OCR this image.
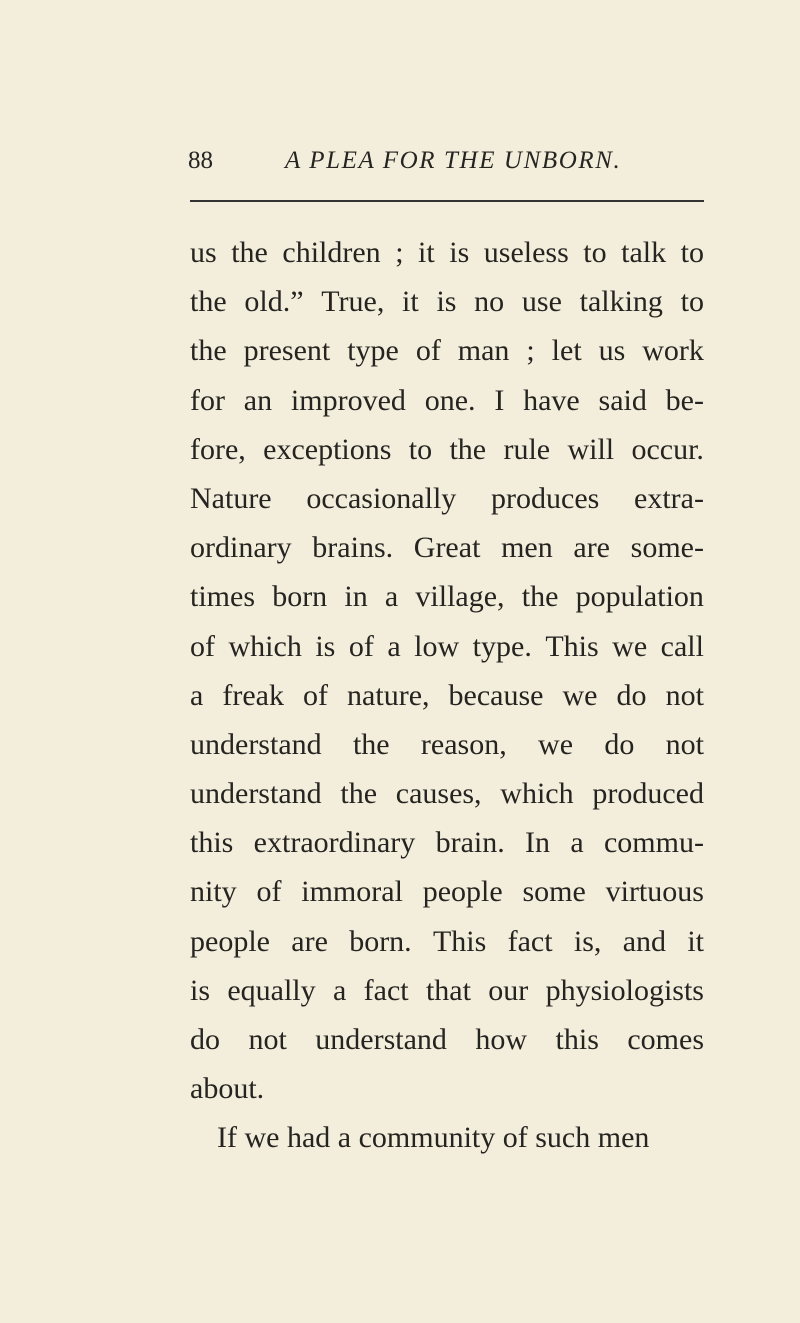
88	A PLEA FOR THE UNBORN.
us the children ; it is useless to talk to
the old.” True, it is no use talking to
the present type of man ; let us work
for an improved one. I have said be-
fore, exceptions to the rule will occur.
Nature occasionally produces extra-
ordinary brains. Great men are some-
times born in a village, the population
of which is of a low type. This we call
a freak of nature, because we do not
understand the reason, we do not
understand the causes, which produced
this extraordinary brain. In a commu-
nity of immoral people some virtuous
people are born. This fact is, and it
is equally a fact that our physiologists
do not understand how this comes
about.
If we had a community of such men
